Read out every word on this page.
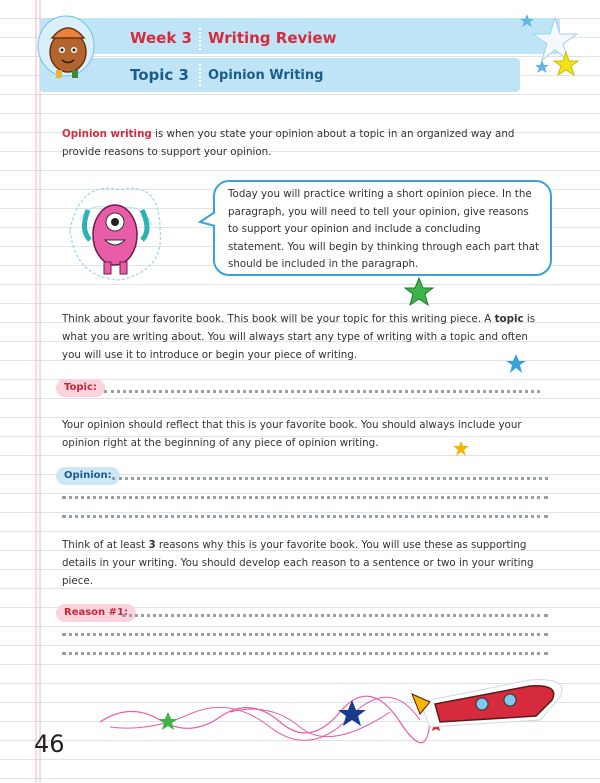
Week 3 Writing Review
Topic 3 Opinion Writing
Opinion writing is when you state your opinion about a topic in an organized way and provide reasons to support your opinion.
Today you will practice writing a short opinion piece. In the paragraph, you will need to tell your opinion, give reasons to support your opinion and include a concluding statement. You will begin by thinking through each part that should be included in the paragraph.
Think about your favorite book. This book will be your topic for this writing piece. A topic is what you are writing about. You will always start any type of writing with a topic and often you will use it to introduce or begin your piece of writing.
Topic:
Your opinion should reflect that this is your favorite book. You should always include your opinion right at the beginning of any piece of opinion writing.
Opinion:
Think of at least 3 reasons why this is your favorite book. You will use these as supporting details in your writing. You should develop each reason to a sentence or two in your writing piece.
Reason #1:
46
